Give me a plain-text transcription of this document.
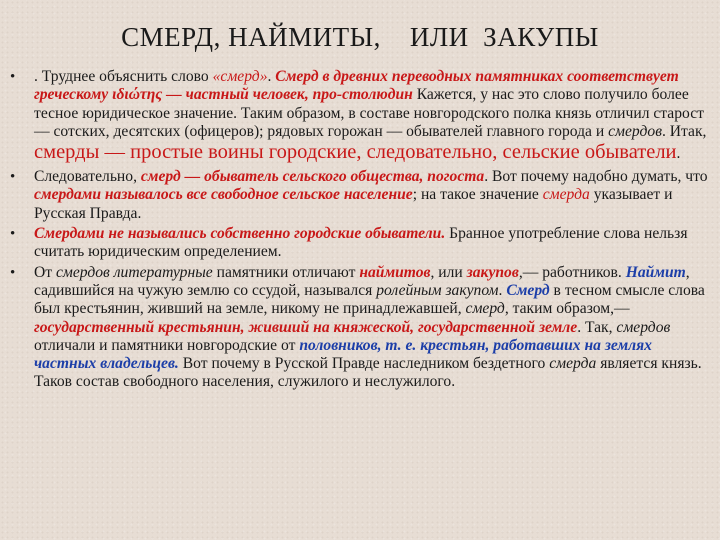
СМЕРД, НАЙМИТЫ,    ИЛИ  ЗАКУПЫ
• . Труднее объяснить слово «смерд». Смерд в древних переводных памятниках соответствует греческому ιδιώτης — частный человек, про-столюдин Кажется, у нас это слово получило более тесное юридическое значение. Таким образом, в составе новгородского полка князь отличил старост — сотских, десятских (офицеров); рядовых горожан — обывателей главного города и смердов. Итак, смерды — простые воины городские, следовательно, сельские обыватели.
• Следовательно, смерд — обыватель сельского общества, погоста. Вот почему надобно думать, что смердами называлось все свободное сельское население; на такое значение смерда указывает и Русская Правда.
• Смердами не назывались собственно городские обыватели. Бранное употребление слова нельзя считать юридическим определением.
• От смердов литературные памятники отличают наймитов, или закупов,— работников. Наймит, садившийся на чужую землю со ссудой, назывался ролейным закупом. Смерд в тесном смысле слова был крестьянин, живший на земле, никому не принадлежавшей, смерд, таким образом,— государственный крестьянин, живший на княжеской, государственной земле. Так, смердов отличали и памятники новгородские от половников, т. е. крестьян, работавших на землях частных владельцев. Вот почему в Русской Правде наследником бездетного смерда является князь. Таков состав свободного населения, служилого и неслужилого.
